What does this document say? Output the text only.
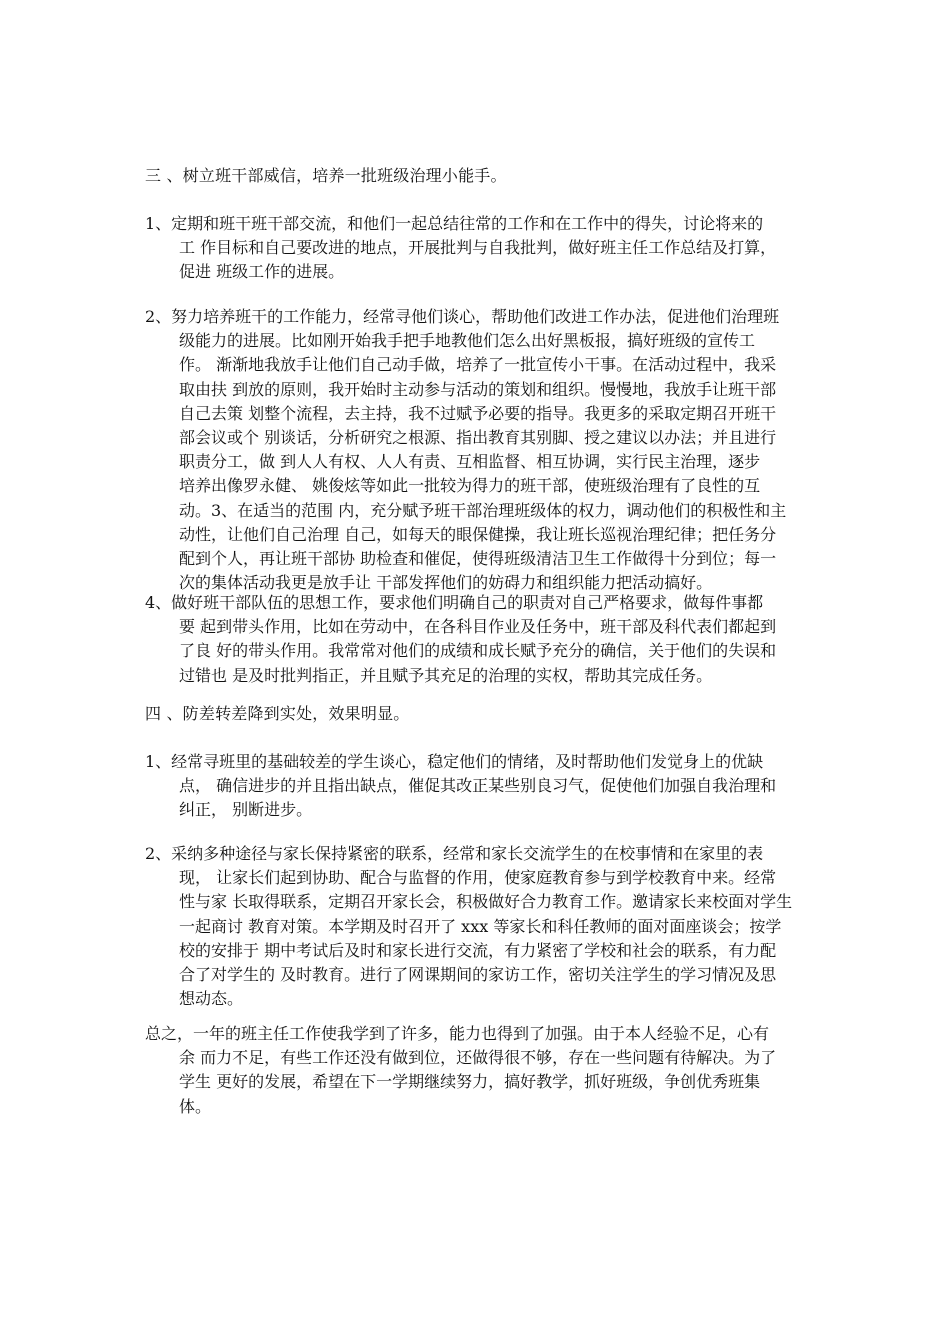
三 、树立班干部威信，培养一批班级治理小能手。
1、定期和班干班干部交流，和他们一起总结往常的工作和在工作中的得失，讨论将来的
工 作目标和自己要改进的地点，开展批判与自我批判，做好班主任工作总结及打算，
促进 班级工作的进展。
2、努力培养班干的工作能力，经常寻他们谈心，帮助他们改进工作办法，促进他们治理班
级能力的进展。比如刚开始我手把手地教他们怎么出好黑板报，搞好班级的宣传工
作。 渐渐地我放手让他们自己动手做，培养了一批宣传小干事。在活动过程中，我采
取由扶 到放的原则，我开始时主动参与活动的策划和组织。慢慢地，我放手让班干部
自己去策 划整个流程，去主持，我不过赋予必要的指导。我更多的采取定期召开班干
部会议或个 别谈话，分析研究之根源、指出教育其别脚、授之建议以办法；并且进行
职责分工，做 到人人有权、人人有责、互相监督、相互协调，实行民主治理，逐步
培养出像罗永健、 姚俊炫等如此一批较为得力的班干部，使班级治理有了良性的互
动。3、在适当的范围 内，充分赋予班干部治理班级体的权力，调动他们的积极性和主
动性，让他们自己治理 自己，如每天的眼保健操，我让班长巡视治理纪律；把任务分
配到个人，再让班干部协 助检查和催促，使得班级清洁卫生工作做得十分到位；每一
次的集体活动我更是放手让 干部发挥他们的妨碍力和组织能力把活动搞好。
4、做好班干部队伍的思想工作，要求他们明确自己的职责对自己严格要求，做每件事都
要 起到带头作用，比如在劳动中，在各科目作业及任务中，班干部及科代表们都起到
了良 好的带头作用。我常常对他们的成绩和成长赋予充分的确信，关于他们的失误和
过错也 是及时批判指正，并且赋予其充足的治理的实权，帮助其完成任务。
四 、防差转差降到实处，效果明显。
1、经常寻班里的基础较差的学生谈心，稳定他们的情绪，及时帮助他们发觉身上的优缺
点， 确信进步的并且指出缺点，催促其改正某些别良习气，促使他们加强自我治理和
纠正， 别断进步。
2、采纳多种途径与家长保持紧密的联系，经常和家长交流学生的在校事情和在家里的表
现， 让家长们起到协助、配合与监督的作用，使家庭教育参与到学校教育中来。经常
性与家 长取得联系，定期召开家长会，积极做好合力教育工作。邀请家长来校面对学生
一起商讨 教育对策。本学期及时召开了 xxx 等家长和科任教师的面对面座谈会；按学
校的安排于 期中考试后及时和家长进行交流，有力紧密了学校和社会的联系，有力配
合了对学生的 及时教育。进行了网课期间的家访工作，密切关注学生的学习情况及思
想动态。
总之，一年的班主任工作使我学到了许多，能力也得到了加强。由于本人经验不足，心有
余 而力不足，有些工作还没有做到位，还做得很不够，存在一些问题有待解决。为了
学生 更好的发展，希望在下一学期继续努力，搞好教学，抓好班级，争创优秀班集
体。
